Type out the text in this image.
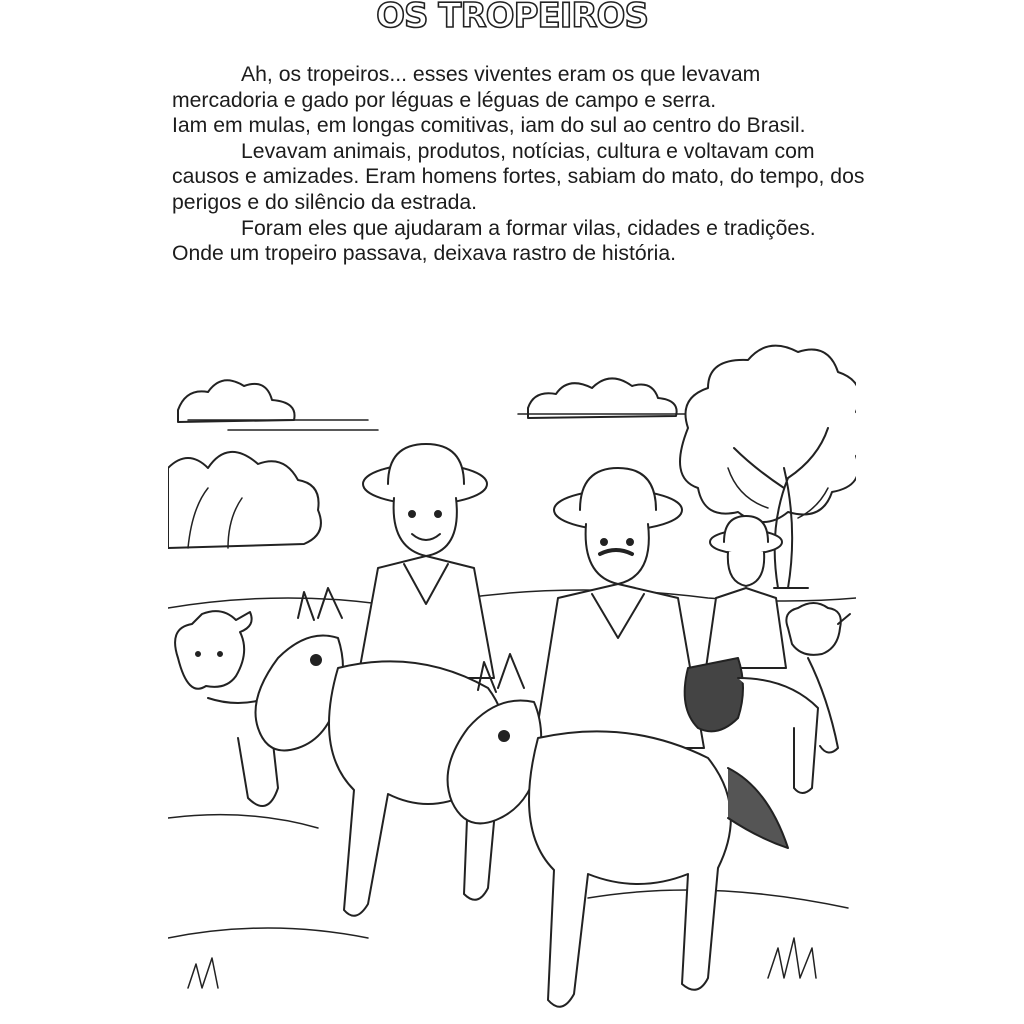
OS TROPEIROS

Ah, os tropeiros... esses viventes eram os que levavam mercadoria e gado por léguas e léguas de campo e serra.

Iam em mulas, em longas comitivas, iam do sul ao centro do Brasil.

Levavam animais, produtos, notícias, cultura e voltavam com causos e amizades. Eram homens fortes, sabiam do mato, do tempo, dos perigos e do silêncio da estrada.

Foram eles que ajudaram a formar vilas, cidades e tradições. Onde um tropeiro passava, deixava rastro de história.
